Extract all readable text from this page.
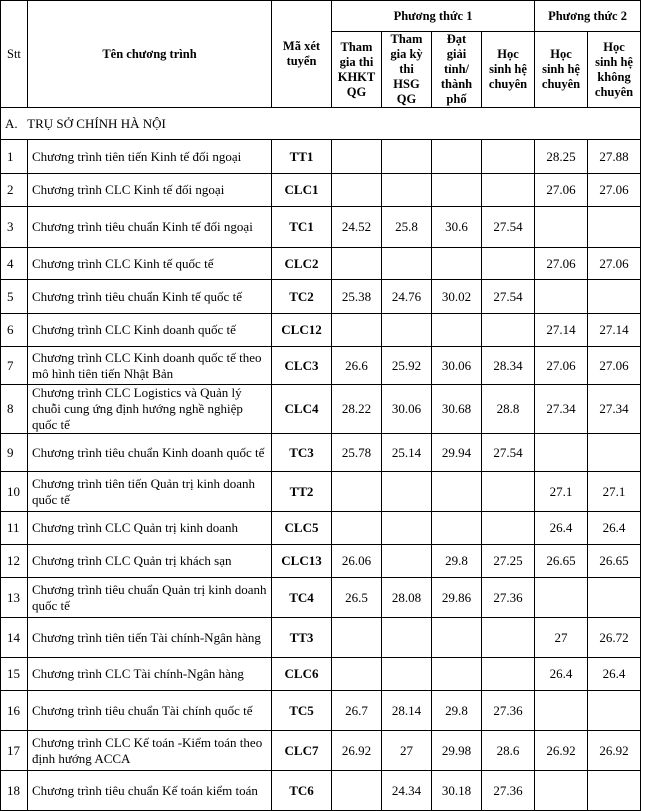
Stt	Tên chương trình	Mã xét tuyển	Phương thức 1				Phương thức 2	
			Tham gia thi KHKT QG	Tham gia kỳ thi HSG QG	Đạt giải tỉnh/ thành phố	Học sinh hệ chuyên	Học sinh hệ chuyên	Học sinh hệ không chuyên
A. TRỤ SỞ CHÍNH HÀ NỘI								
1	Chương trình tiên tiến Kinh tế đối ngoại	TT1					28.25	27.88
2	Chương trình CLC Kinh tế đối ngoại	CLC1					27.06	27.06
3	Chương trình tiêu chuẩn Kinh tế đối ngoại	TC1	24.52	25.8	30.6	27.54		
4	Chương trình CLC Kinh tế quốc tế	CLC2					27.06	27.06
5	Chương trình tiêu chuẩn Kinh tế quốc tế	TC2	25.38	24.76	30.02	27.54		
6	Chương trình CLC Kinh doanh quốc tế	CLC12					27.14	27.14
7	Chương trình CLC Kinh doanh quốc tế theo mô hình tiên tiến Nhật Bản	CLC3	26.6	25.92	30.06	28.34	27.06	27.06
8	Chương trình CLC Logistics và Quản lý chuỗi cung ứng định hướng nghề nghiệp quốc tế	CLC4	28.22	30.06	30.68	28.8	27.34	27.34
9	Chương trình tiêu chuẩn Kinh doanh quốc tế	TC3	25.78	25.14	29.94	27.54		
10	Chương trình tiên tiến Quản trị kinh doanh quốc tế	TT2					27.1	27.1
11	Chương trình CLC Quản trị kinh doanh	CLC5					26.4	26.4
12	Chương trình CLC Quản trị khách sạn	CLC13	26.06		29.8	27.25	26.65	26.65
13	Chương trình tiêu chuẩn Quản trị kinh doanh quốc tế	TC4	26.5	28.08	29.86	27.36		
14	Chương trình tiên tiến Tài chính-Ngân hàng	TT3					27	26.72
15	Chương trình CLC Tài chính-Ngân hàng	CLC6					26.4	26.4
16	Chương trình tiêu chuẩn Tài chính quốc tế	TC5	26.7	28.14	29.8	27.36		
17	Chương trình CLC Kế toán -Kiểm toán theo định hướng ACCA	CLC7	26.92	27	29.98	28.6	26.92	26.92
18	Chương trình tiêu chuẩn Kế toán kiểm toán	TC6		24.34	30.18	27.36		
